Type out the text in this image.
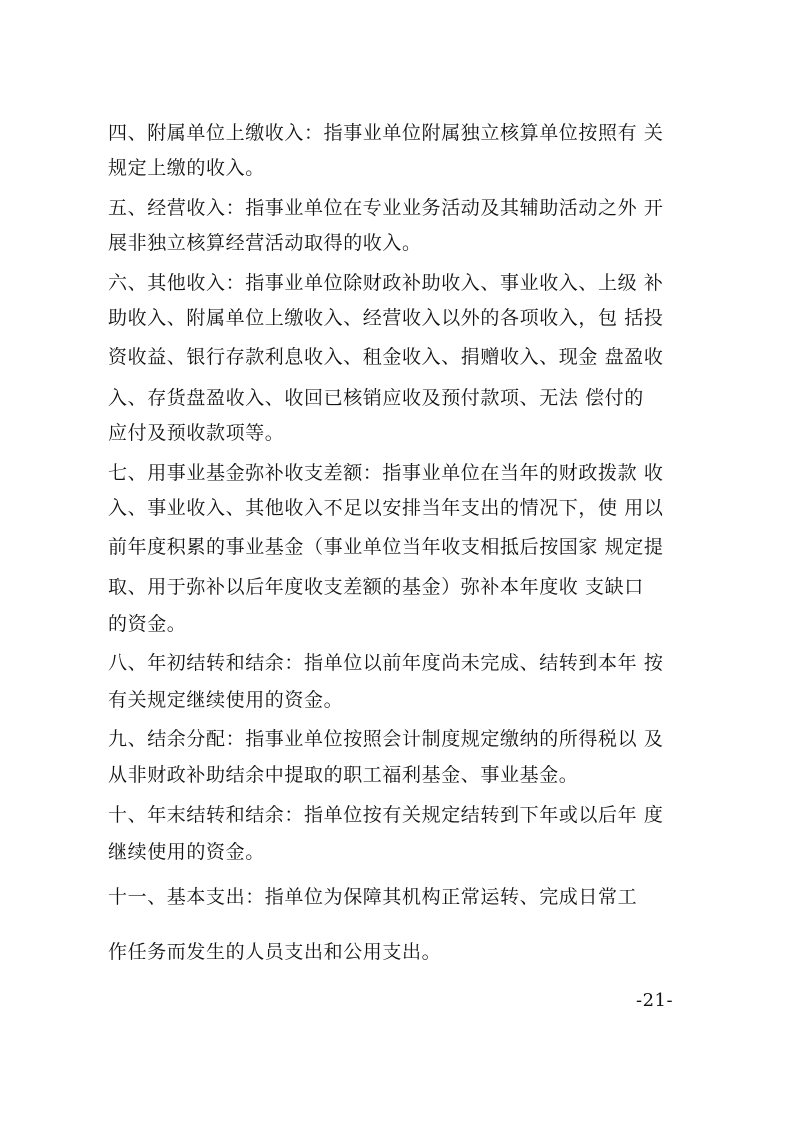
四、附属单位上缴收入：指事业单位附属独立核算单位按照有 关
规定上缴的收入。
五、经营收入：指事业单位在专业业务活动及其辅助活动之外 开
展非独立核算经营活动取得的收入。
六、其他收入：指事业单位除财政补助收入、事业收入、上级 补
助收入、附属单位上缴收入、经营收入以外的各项收入，包 括投
资收益、银行存款利息收入、租金收入、捐赠收入、现金 盘盈收
入、存货盘盈收入、收回已核销应收及预付款项、无法 偿付的
应付及预收款项等。
七、用事业基金弥补收支差额：指事业单位在当年的财政拨款 收
入、事业收入、其他收入不足以安排当年支出的情况下，使 用以
前年度积累的事业基金（事业单位当年收支相抵后按国家 规定提
取、用于弥补以后年度收支差额的基金）弥补本年度收 支缺口
的资金。
八、年初结转和结余：指单位以前年度尚未完成、结转到本年 按
有关规定继续使用的资金。
九、结余分配：指事业单位按照会计制度规定缴纳的所得税以 及
从非财政补助结余中提取的职工福利基金、事业基金。
十、年末结转和结余：指单位按有关规定结转到下年或以后年 度
继续使用的资金。
十一、基本支出：指单位为保障其机构正常运转、完成日常工
作任务而发生的人员支出和公用支出。
-21-
